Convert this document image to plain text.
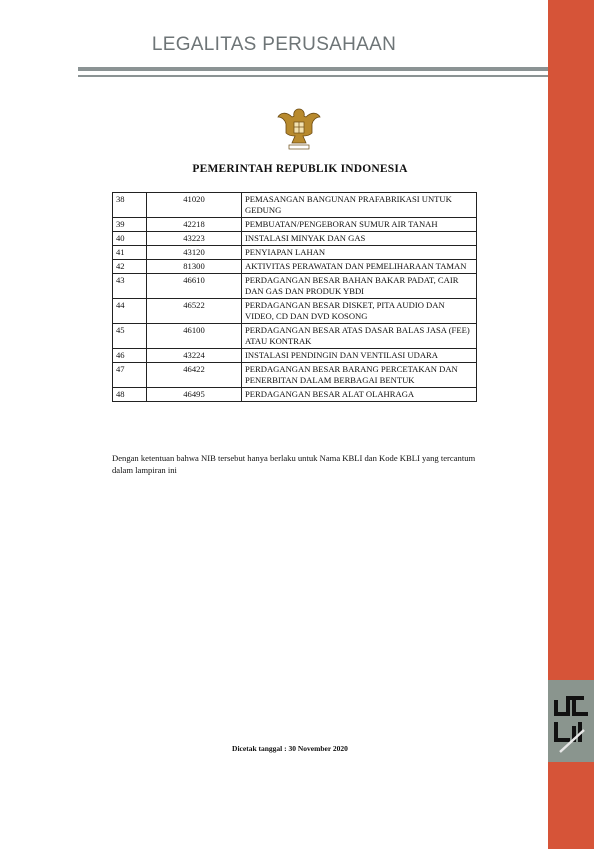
LEGALITAS PERUSAHAAN
PEMERINTAH REPUBLIK INDONESIA
38	41020	PEMASANGAN BANGUNAN PRAFABRIKASI UNTUK GEDUNG
39	42218	PEMBUATAN/PENGEBORAN SUMUR AIR TANAH
40	43223	INSTALASI MINYAK DAN GAS
41	43120	PENYIAPAN LAHAN
42	81300	AKTIVITAS PERAWATAN DAN PEMELIHARAAN TAMAN
43	46610	PERDAGANGAN BESAR BAHAN BAKAR PADAT, CAIR DAN GAS DAN PRODUK YBDI
44	46522	PERDAGANGAN BESAR DISKET, PITA AUDIO DAN VIDEO, CD DAN DVD KOSONG
45	46100	PERDAGANGAN BESAR ATAS DASAR BALAS JASA (FEE) ATAU KONTRAK
46	43224	INSTALASI PENDINGIN DAN VENTILASI UDARA
47	46422	PERDAGANGAN BESAR BARANG PERCETAKAN DAN PENERBITAN DALAM BERBAGAI BENTUK
48	46495	PERDAGANGAN BESAR ALAT OLAHRAGA
Dengan ketentuan bahwa NIB tersebut hanya berlaku untuk Nama KBLI dan Kode KBLI yang tercantum dalam lampiran ini
Dicetak tanggal : 30 November 2020
